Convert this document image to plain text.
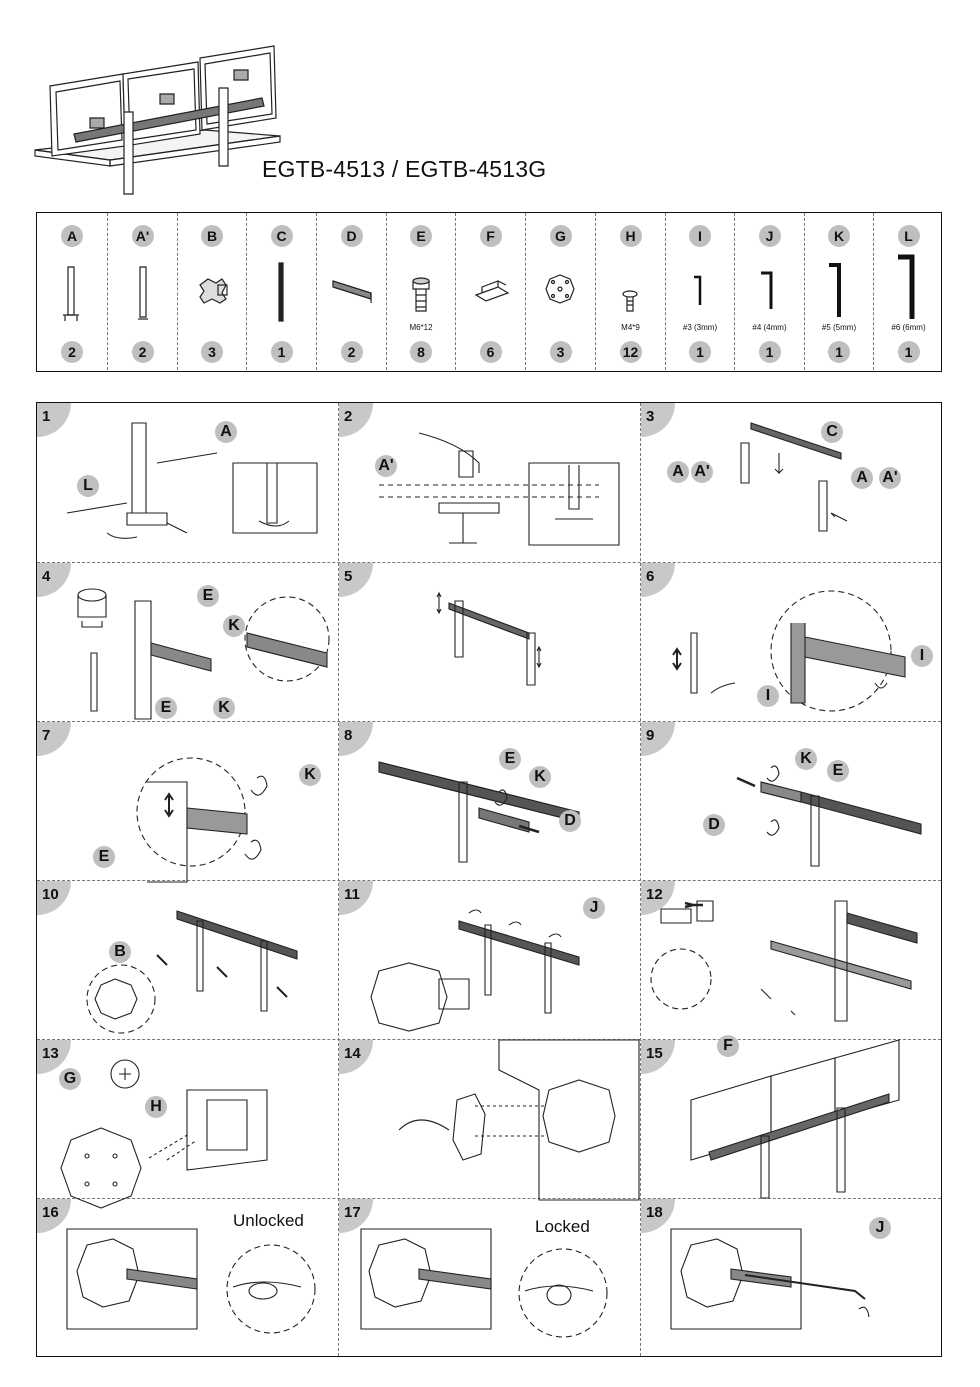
EGTB-4513 / EGTB-4513G
A
2
A'
2
B
3
C
1
D
2
E
M6*12
8
F
6
G
3
H
M4*9
12
I
#3 (3mm)
1
J
#4 (4mm)
1
K
#5 (5mm)
1
L
#6 (6mm)
1
1
A
L
2
A'
3
C
A A'	A A'
4
E
K
E	K
5	6
I
I
7
K
E
8
E
K
D
9
K
E
D
10
B
11
J
12
F
13
G
H
14	15
16	Unlocked	17
Locked
18
J
